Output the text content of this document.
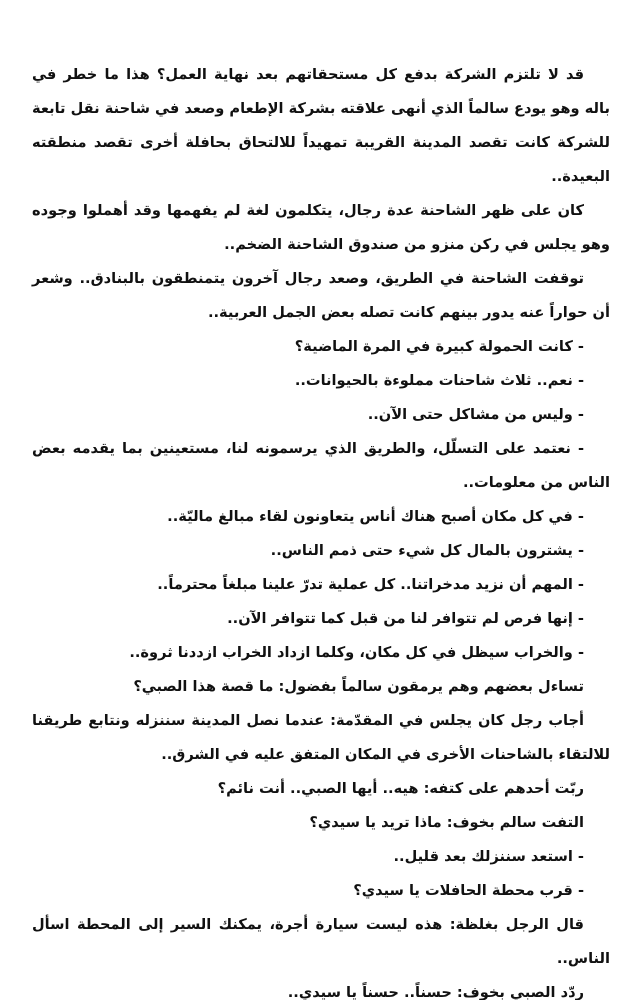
قد لا تلتزم الشركة بدفع كل مستحقاتهم بعد نهاية العمل؟ هذا ما خطر في باله وهو يودع سالماً الذي أنهى علاقته بشركة الإطعام وصعد في شاحنة نقل تابعة للشركة كانت تقصد المدينة القريبة تمهيداً للالتحاق بحافلة أخرى تقصد منطقته البعيدة..

كان على ظهر الشاحنة عدة رجال، يتكلمون لغة لم يفهمها وقد أهملوا وجوده وهو يجلس في ركن منزو من صندوق الشاحنة الضخم..

توقفت الشاحنة في الطريق، وصعد رجال آخرون يتمنطقون بالبنادق.. وشعر أن حواراً عنه يدور بينهم كانت تصله بعض الجمل العربية..

- كانت الحمولة كبيرة في المرة الماضية؟

- نعم.. ثلاث شاحنات مملوءة بالحيوانات..

- وليس من مشاكل حتى الآن..

- نعتمد على التسلّل، والطريق الذي يرسمونه لنا، مستعينين بما يقدمه بعض الناس من معلومات..

- في كل مكان أصبح هناك أناس يتعاونون لقاء مبالغ ماليّة..

- يشترون بالمال كل شيء حتى ذمم الناس..

- المهم أن نزيد مدخراتنا.. كل عملية تدرّ علينا مبلغاً محترماً..

- إنها فرص لم تتوافر لنا من قبل كما تتوافر الآن..

- والخراب سيظل في كل مكان، وكلما ازداد الخراب ازددنا ثروة..

تساءل بعضهم وهم يرمقون سالماً بفضول: ما قصة هذا الصبي؟

أجاب رجل كان يجلس في المقدّمة: عندما نصل المدينة سننزله ونتابع طريقنا للالتقاء بالشاحنات الأخرى في المكان المتفق عليه في الشرق..

ربّت أحدهم على كتفه: هيه.. أيها الصبي.. أنت نائم؟

التفت سالم بخوف: ماذا تريد يا سيدي؟

- استعد سننزلك بعد قليل..

- قرب محطة الحافلات يا سيدي؟

قال الرجل بغلظة: هذه ليست سيارة أجرة، يمكنك السير إلى المحطة اسأل الناس..

ردّد الصبي بخوف: حسناً.. حسناً يا سيدي..
